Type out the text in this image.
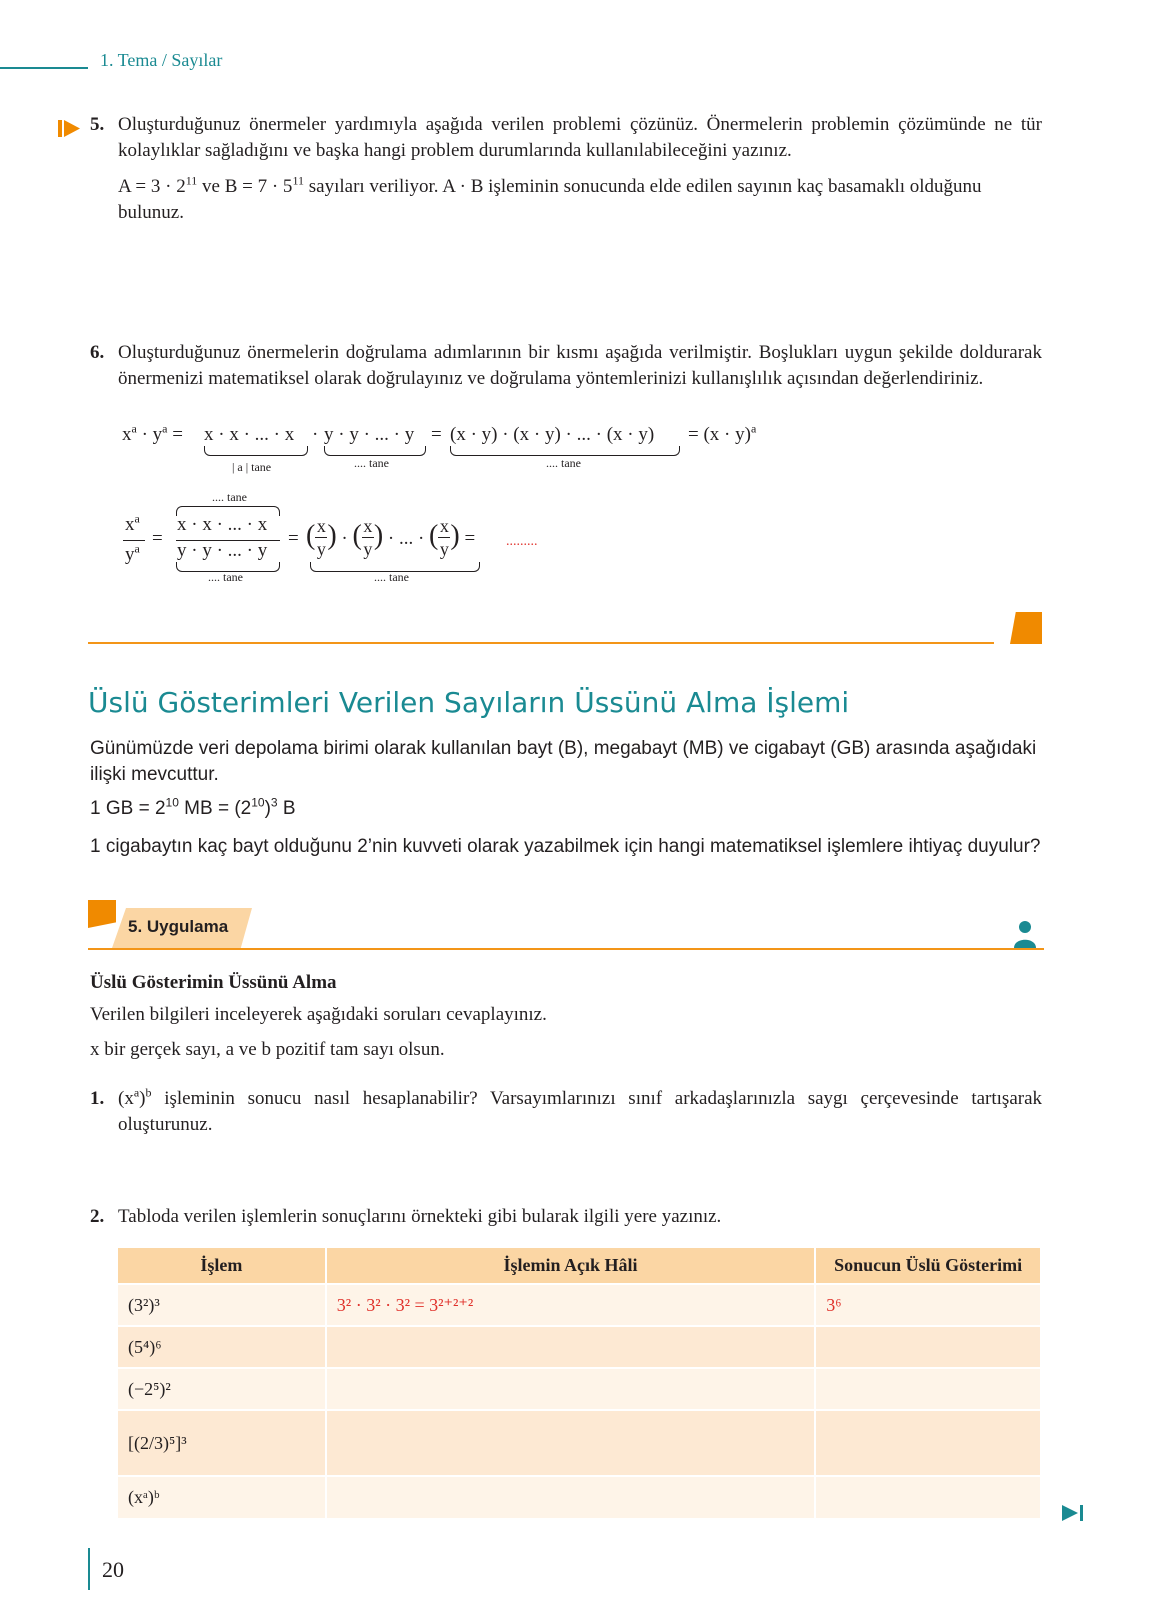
1. Tema / Sayılar
5. Oluşturduğunuz önermeler yardımıyla aşağıda verilen problemi çözünüz. Önermelerin problemin çözümünde ne tür kolaylıklar sağladığını ve başka hangi problem durumlarında kullanılabileceğini yazınız.
$A = 3 \cdot 2^{11}$ ve $B = 7 \cdot 5^{11}$ sayıları veriliyor. A · B işleminin sonucunda elde edilen sayının kaç basamaklı olduğunu bulunuz.
6. Oluşturduğunuz önermelerin doğrulama adımlarının bir kısmı aşağıda verilmiştir. Boşlukları uygun şekilde doldurarak önermenizi matematiksel olarak doğrulayınız ve doğrulama yöntemlerinizi kullanışlılık açısından değerlendiriniz.
$x^a \cdot y^a = x \cdot x$ · ... · x · y · y · ... · y = (x · y) · (x · y) · ... · $(x \cdot y) = (x \cdot y)^a$
| a | tane	.... tane	.... tane
.... tane
$x^a$
$y^a$ =
x · x · ... · x
y · y · ... · y
.... tane
= (x
y) · (x
y) · ... · (x
y) = .........
.... tane
Üslü Gösterimleri Verilen Sayıların Üssünü Alma İşlemi
Günümüzde veri depolama birimi olarak kullanılan bayt (B), megabayt (MB) ve cigabayt (GB) arasında aşağıdaki ilişki mevcuttur.
1 GB = $2^{10}$ MB = $(2^{10})^3$ B
1 cigabaytın kaç bayt olduğunu 2’nin kuvveti olarak yazabilmek için hangi matematiksel işlemlere ihtiyaç duyulur?
5. Uygulama
Üslü Gösterimin Üssünü Alma
Verilen bilgileri inceleyerek aşağıdaki soruları cevaplayınız.
x bir gerçek sayı, a ve b pozitif tam sayı olsun.
1. $(x^a)^b$ işleminin sonucu nasıl hesaplanabilir? Varsayımlarınızı sınıf arkadaşlarınızla saygı çerçevesinde tartışarak oluşturunuz.
2. Tabloda verilen işlemlerin sonuçlarını örnekteki gibi bularak ilgili yere yazınız.
İşlem	İşlemin Açık Hâli	Sonucun Üslü Gösterimi
(3²)³	3² · 3² · 3² = 3²⁺²⁺²	3⁶
(5⁴)⁶		
(−2⁵)²		
[(2/3)⁵]³		
(xᵃ)ᵇ		
20
